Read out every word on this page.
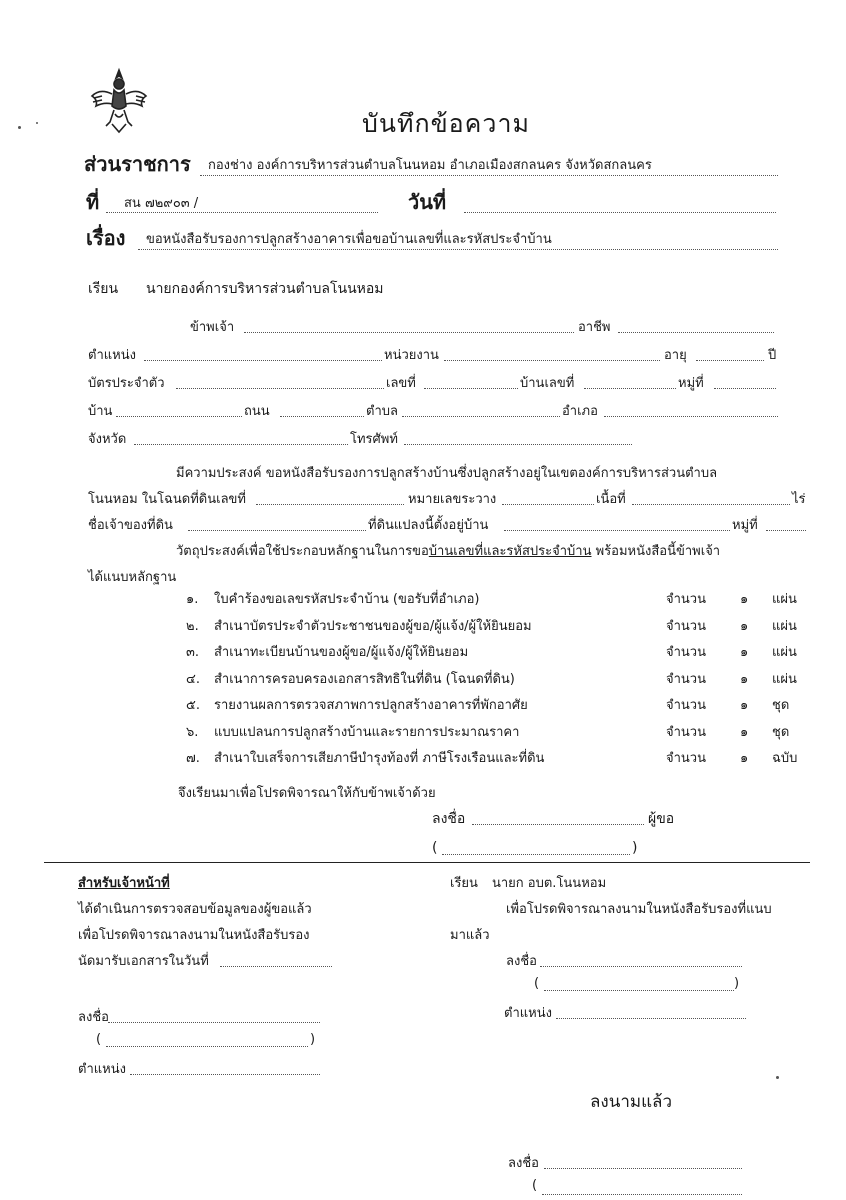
บันทึกข้อความ
ส่วนราชการ กองช่าง องค์การบริหารส่วนตำบลโนนหอม อำเภอเมืองสกลนคร จังหวัดสกลนคร
ที่ สน ๗๒๙๐๓ /	วันที่
เรื่อง ขอหนังสือรับรองการปลูกสร้างอาคารเพื่อขอบ้านเลขที่และรหัสประจำบ้าน
เรียน นายกองค์การบริหารส่วนตำบลโนนหอม
ข้าพเจ้า	อาชีพ
ตำแหน่ง	หน่วยงาน	อายุ	ปี
บัตรประจำตัว	เลขที่	บ้านเลขที่	หมู่ที่
บ้าน	ถนน	ตำบล	อำเภอ
จังหวัด	โทรศัพท์
มีความประสงค์ ขอหนังสือรับรองการปลูกสร้างบ้านซึ่งปลูกสร้างอยู่ในเขตองค์การบริหารส่วนตำบล
โนนหอม ในโฉนดที่ดินเลขที่	หมายเลขระวาง	เนื้อที่	ไร่
ชื่อเจ้าของที่ดิน	ที่ดินแปลงนี้ตั้งอยู่บ้าน	หมู่ที่
วัตถุประสงค์เพื่อใช้ประกอบหลักฐานในการขอบ้านเลขที่และรหัสประจำบ้าน พร้อมหนังสือนี้ข้าพเจ้า
ได้แนบหลักฐาน
๑. ใบคำร้องขอเลขรหัสประจำบ้าน (ขอรับที่อำเภอ)	จำนวน	๑ แผ่น
๒. สำเนาบัตรประจำตัวประชาชนของผู้ขอ/ผู้แจ้ง/ผู้ให้ยินยอม	จำนวน	๑ แผ่น
๓. สำเนาทะเบียนบ้านของผู้ขอ/ผู้แจ้ง/ผู้ให้ยินยอม	จำนวน	๑ แผ่น
๔. สำเนาการครอบครองเอกสารสิทธิในที่ดิน (โฉนดที่ดิน)	จำนวน	๑ แผ่น
๕. รายงานผลการตรวจสภาพการปลูกสร้างอาคารที่พักอาศัย	จำนวน	๑ ชุด
๖. แบบแปลนการปลูกสร้างบ้านและรายการประมาณราคา	จำนวน	๑ ชุด
๗. สำเนาใบเสร็จการเสียภาษีบำรุงท้องที่ ภาษีโรงเรือนและที่ดิน	จำนวน	๑ ฉบับ
จึงเรียนมาเพื่อโปรดพิจารณาให้กับข้าพเจ้าด้วย
ลงชื่อ	ผู้ขอ
(	)
สำหรับเจ้าหน้าที่
ได้ดำเนินการตรวจสอบข้อมูลของผู้ขอแล้ว
เพื่อโปรดพิจารณาลงนามในหนังสือรับรอง
นัดมารับเอกสารในวันที่
ลงชื่อ
(	)
ตำแหน่ง
เรียน นายก อบต.โนนหอม
เพื่อโปรดพิจารณาลงนามในหนังสือรับรองที่แนบ
มาแล้ว
ลงชื่อ
(	)
ตำแหน่ง
ลงนามแล้ว
ลงชื่อ
(
